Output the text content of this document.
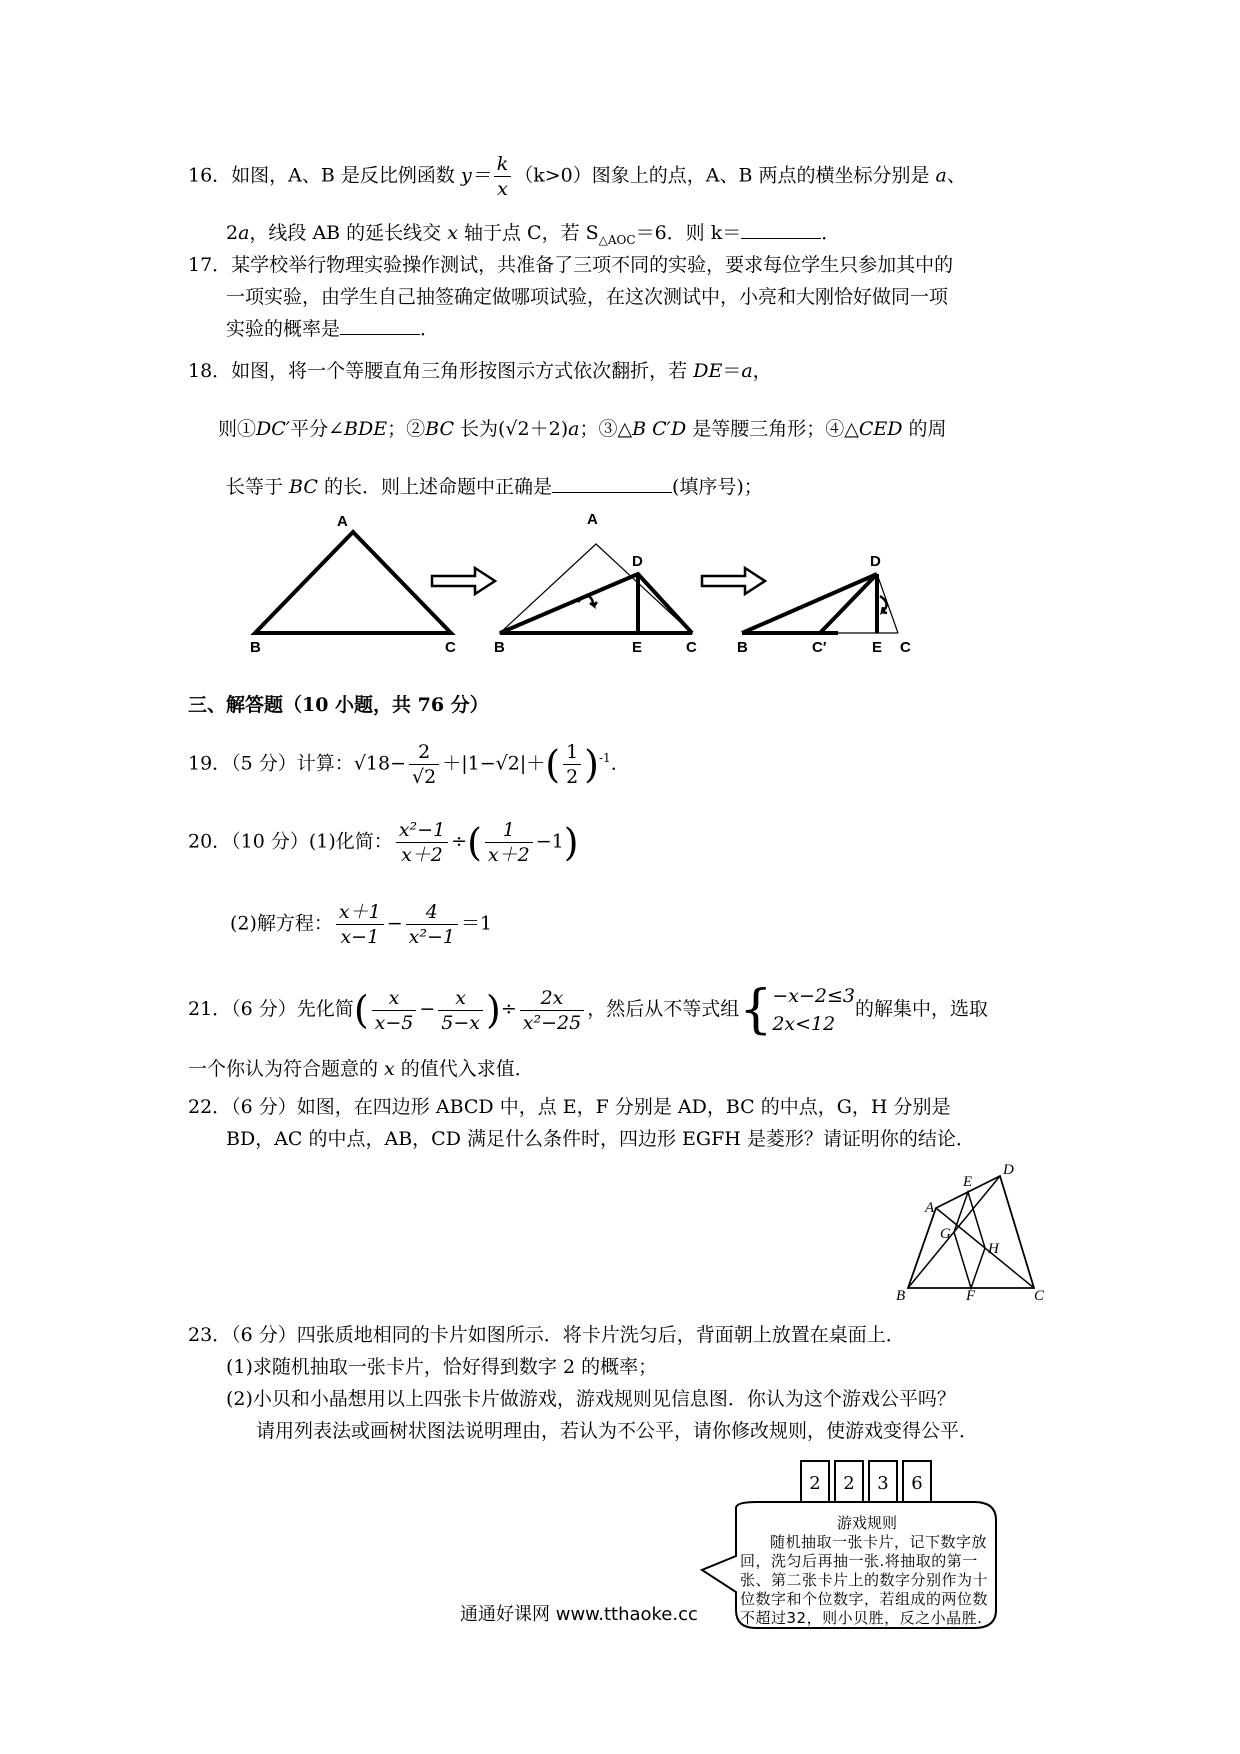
16．如图，A、B 是反比例函数 $y= \frac{k}{x} (k>0)$图象上的点，A、B 两点的横坐标分别是 a、
2a，线段 AB 的延长线交 x 轴于点 C，若 $S_{\triangle AOC}=6$．则 k＝	．
17．某学校举行物理实验操作测试，共准备了三项不同的实验，要求每位学生只参加其中的
一项实验，由学生自己抽签确定做哪项试验，在这次测试中，小亮和大刚恰好做同一项
实验的概率是	．
18．如图，将一个等腰直角三角形按图示方式依次翻折，若 DE＝a，
则①DC′平分∠BDE；②BC 长为(√2＋2)a；③△B C′D 是等腰三角形；④△CED 的周
长等于 BC 的长．则上述命题中正确是	(填序号)；
A
B	C
A
D
B	E	C
D
B	C′	E C
三、解答题（10 小题，共 76 分）
19．（5 分）计算：$√18- \frac{2}{√2} +|1-√2|+( \frac{1}{2} )^{-1}$．
20．（10 分）(1)化简： $\frac{\text{x²−1}}{x+2}$ ÷( $\frac{1}{x+2} -1$)
(2)解方程： $\frac{x+1}{x-1} - \frac{4}{\text{x²−1}} =1$
21．（6 分）先化简( $\frac{x}{x-5} - \frac{x}{5-x}$ )÷ $\frac{2x}{\text{x²−25}}$ ，然后从不等式组{ −x−2≤3
2x<12
的解集中，选取
一个你认为符合题意的 x 的值代入求值．
22．（6 分）如图，在四边形 ABCD 中，点 E，F 分别是 AD，BC 的中点，G，H 分别是
BD，AC 的中点，AB，CD 满足什么条件时，四边形 EGFH 是菱形？请证明你的结论．
A
E
D
G
H
B	F	C
23．（6 分）四张质地相同的卡片如图所示．将卡片洗匀后，背面朝上放置在桌面上．
(1)求随机抽取一张卡片，恰好得到数字 2 的概率；
(2)小贝和小晶想用以上四张卡片做游戏，游戏规则见信息图．你认为这个游戏公平吗？
请用列表法或画树状图法说明理由，若认为不公平，请你修改规则，使游戏变得公平．
2	2	3	6
游戏规则
随机抽取一张卡片，记下数字放回，洗匀后再抽一张.将抽取的第一张、第二张卡片上的数字分别作为十位数字和个位数字，若组成的两位数不超过32，则小贝胜，反之小晶胜.
通通好课网 www.tthaoke.cc
